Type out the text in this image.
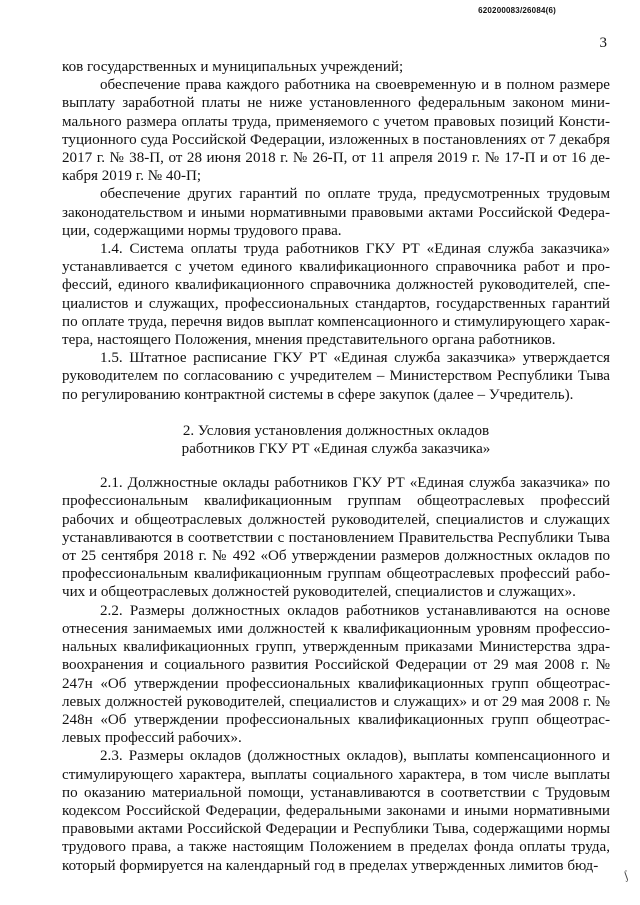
620200083/26084(6)
3

ков государственных и муниципальных учреждений;

обеспечение права каждого работника на своевременную и в полном размере выплату заработной платы не ниже установленного федеральным законом минимального размера оплаты труда, применяемого с учетом правовых позиций Конституционного суда Российской Федерации, изложенных в постановлениях от 7 декабря 2017 г. № 38-П, от 28 июня 2018 г. № 26-П, от 11 апреля 2019 г. № 17-П и от 16 декабря 2019 г. № 40-П;

обеспечение других гарантий по оплате труда, предусмотренных трудовым законодательством и иными нормативными правовыми актами Российской Федерации, содержащими нормы трудового права.

1.4. Система оплаты труда работников ГКУ РТ «Единая служба заказчика» устанавливается с учетом единого квалификационного справочника работ и профессий, единого квалификационного справочника должностей руководителей, специалистов и служащих, профессиональных стандартов, государственных гарантий по оплате труда, перечня видов выплат компенсационного и стимулирующего характера, настоящего Положения, мнения представительного органа работников.

1.5. Штатное расписание ГКУ РТ «Единая служба заказчика» утверждается руководителем по согласованию с учредителем – Министерством Республики Тыва по регулированию контрактной системы в сфере закупок (далее – Учредитель).

2. Условия установления должностных окладов
работников ГКУ РТ «Единая служба заказчика»

2.1. Должностные оклады работников ГКУ РТ «Единая служба заказчика» по профессиональным квалификационным группам общеотраслевых профессий рабочих и общеотраслевых должностей руководителей, специалистов и служащих устанавливаются в соответствии с постановлением Правительства Республики Тыва от 25 сентября 2018 г. № 492 «Об утверждении размеров должностных окладов по профессиональным квалификационным группам общеотраслевых профессий рабочих и общеотраслевых должностей руководителей, специалистов и служащих».

2.2. Размеры должностных окладов работников устанавливаются на основе отнесения занимаемых ими должностей к квалификационным уровням профессиональных квалификационных групп, утвержденным приказами Министерства здравоохранения и социального развития Российской Федерации от 29 мая 2008 г. № 247н «Об утверждении профессиональных квалификационных групп общеотраслевых должностей руководителей, специалистов и служащих» и от 29 мая 2008 г. № 248н «Об утверждении профессиональных квалификационных групп общеотраслевых профессий рабочих».

2.3. Размеры окладов (должностных окладов), выплаты компенсационного и стимулирующего характера, выплаты социального характера, в том числе выплаты по оказанию материальной помощи, устанавливаются в соответствии с Трудовым кодексом Российской Федерации, федеральными законами и иными нормативными правовыми актами Российской Федерации и Республики Тыва, содержащими нормы трудового права, а также настоящим Положением в пределах фонда оплаты труда, который формируется на календарный год в пределах утвержденных лимитов бюд-

ʃ
